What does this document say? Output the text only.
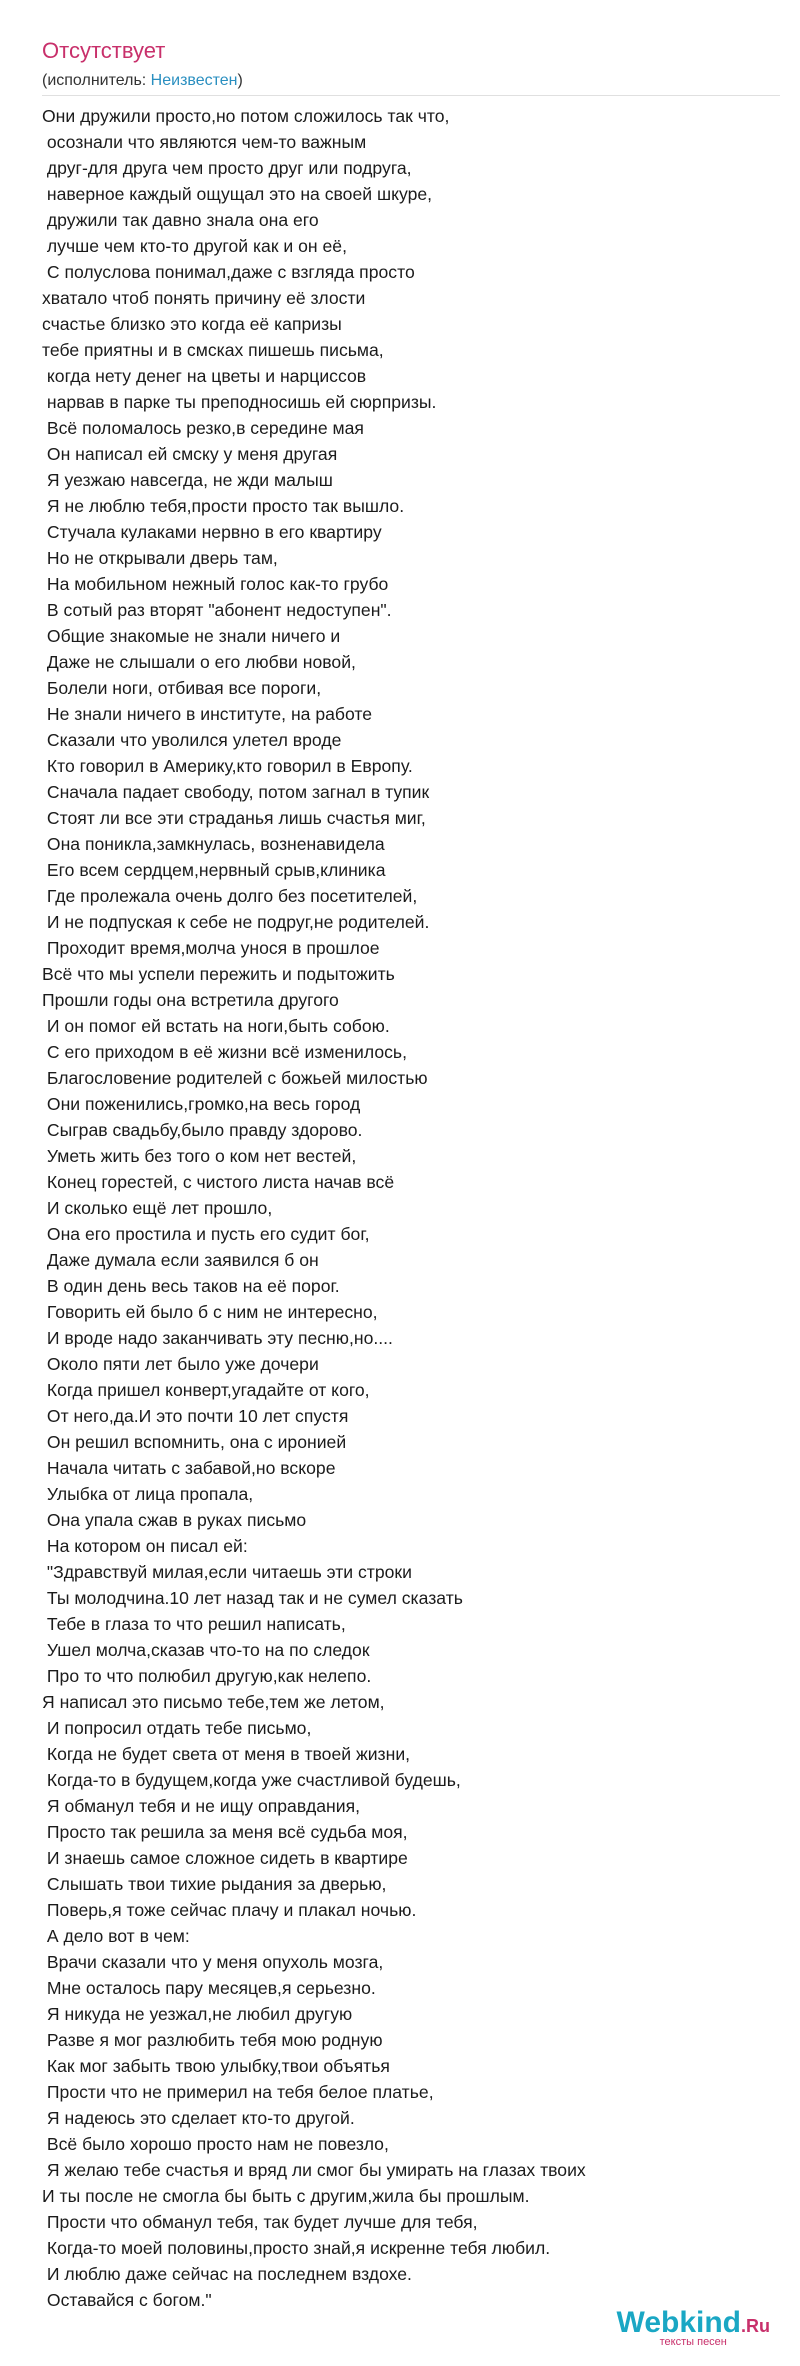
Отсутствует
(исполнитель: Неизвестен)
Они дружили просто,но потом сложилось так что,
осознали что являются чем-то важным
друг-для друга чем просто друг или подруга,
наверное каждый ощущал это на своей шкуре,
дружили так давно знала она его
лучше чем кто-то другой как и он её,
С полуслова понимал,даже с взгляда просто
хватало чтоб понять причину её злости
счастье близко это когда её капризы
тебе приятны и в смсках пишешь письма,
когда нету денег на цветы и нарциссов
нарвав в парке ты преподносишь ей сюрпризы.
Всё поломалось резко,в середине мая
Он написал ей смску у меня другая
Я уезжаю навсегда, не жди малыш
Я не люблю тебя,прости просто так вышло.
Стучала кулаками нервно в его квартиру
Но не открывали дверь там,
На мобильном нежный голос как-то грубо
В сотый раз вторят "абонент недоступен".
Общие знакомые не знали ничего и
Даже не слышали о его любви новой,
Болели ноги, отбивая все пороги,
Не знали ничего в институте, на работе
Сказали что уволился улетел вроде
Кто говорил в Америку,кто говорил в Европу.
Сначала падает свободу, потом загнал в тупик
Стоят ли все эти страданья лишь счастья миг,
Она поникла,замкнулась, возненавидела
Его всем сердцем,нервный срыв,клиника
Где пролежала очень долго без посетителей,
И не подпуская к себе не подруг,не родителей.
Проходит время,молча унося в прошлое
Всё что мы успели пережить и подытожить
Прошли годы она встретила другого
И он помог ей встать на ноги,быть собою.
С его приходом в её жизни всё изменилось,
Благословение родителей с божьей милостью
Они поженились,громко,на весь город
Сыграв свадьбу,было правду здорово.
Уметь жить без того о ком нет вестей,
Конец горестей, с чистого листа начав всё
И сколько ещё лет прошло,
Она его простила и пусть его судит бог,
Даже думала если заявился б он
В один день весь таков на её порог.
Говорить ей было б с ним не интересно,
И вроде надо заканчивать эту песню,но....
Около пяти лет было уже дочери
Когда пришел конверт,угадайте от кого,
От него,да.И это почти 10 лет спустя
Он решил вспомнить, она с иронией
Начала читать с забавой,но вскоре
Улыбка от лица пропала,
Она упала сжав в руках письмо
На котором он писал ей:
"Здравствуй милая,если читаешь эти строки
Ты молодчина.10 лет назад так и не сумел сказать
Тебе в глаза то что решил написать,
Ушел молча,сказав что-то на по следок
Про то что полюбил другую,как нелепо.
Я написал это письмо тебе,тем же летом,
И попросил отдать тебе письмо,
Когда не будет света от меня в твоей жизни,
Когда-то в будущем,когда уже счастливой будешь,
Я обманул тебя и не ищу оправдания,
Просто так решила за меня всё судьба моя,
И знаешь самое сложное сидеть в квартире
Слышать твои тихие рыдания за дверью,
Поверь,я тоже сейчас плачу и плакал ночью.
А дело вот в чем:
Врачи сказали что у меня опухоль мозга,
Мне осталось пару месяцев,я серьезно.
Я никуда не уезжал,не любил другую
Разве я мог разлюбить тебя мою родную
Как мог забыть твою улыбку,твои объятья
Прости что не примерил на тебя белое платье,
Я надеюсь это сделает кто-то другой.
Всё было хорошо просто нам не повезло,
Я желаю тебе счастья и вряд ли смог бы умирать на глазах твоих
И ты после не смогла бы быть с другим,жила бы прошлым.
Прости что обманул тебя, так будет лучше для тебя,
Когда-то моей половины,просто знай,я искренне тебя любил.
И люблю даже сейчас на последнем вздохе.
Оставайся с богом."
Webkind.Ru
тексты песен
